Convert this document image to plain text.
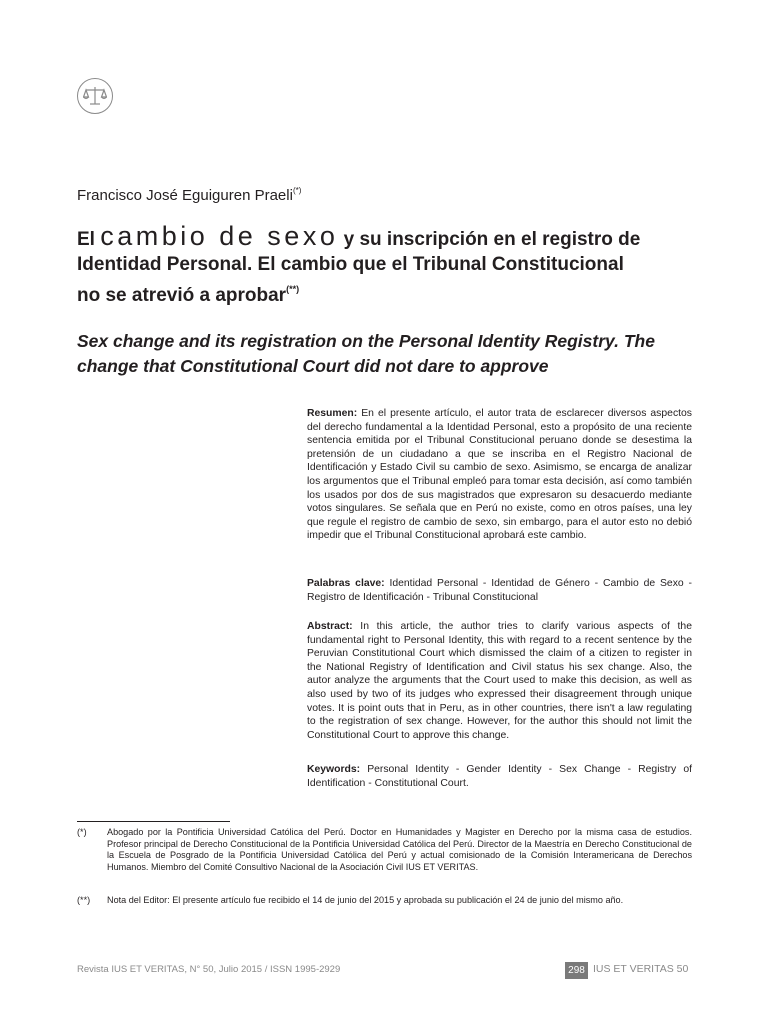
Francisco José Eguiguren Praeli(*)
El cambio de sexo y su inscripción en el registro de
Identidad Personal. El cambio que el Tribunal Constitucional
no se atrevió a aprobar(**)
Sex change and its registration on the Personal Identity Registry. The change that Constitutional Court did not dare to approve
Resumen: En el presente artículo, el autor trata de esclarecer diversos aspectos del derecho fundamental a la Identidad Personal, esto a propósito de una reciente sentencia emitida por el Tribunal Constitucional peruano donde se desestima la pretensión de un ciudadano a que se inscriba en el Registro Nacional de Identificación y Estado Civil su cambio de sexo. Asimismo, se encarga de analizar los argumentos que el Tribunal empleó para tomar esta decisión, así como también los usados por dos de sus magistrados que expresaron su desacuerdo mediante votos singulares. Se señala que en Perú no existe, como en otros países, una ley que regule el registro de cambio de sexo, sin embargo, para el autor esto no debió impedir que el Tribunal Constitucional aprobará este cambio.
Palabras clave: Identidad Personal - Identidad de Género - Cambio de Sexo - Registro de Identificación - Tribunal Constitucional
Abstract: In this article, the author tries to clarify various aspects of the fundamental right to Personal Identity, this with regard to a recent sentence by the Peruvian Constitutional Court which dismissed the claim of a citizen to register in the National Registry of Identification and Civil status his sex change. Also, the autor analyze the arguments that the Court used to make this decision, as well as also used by two of its judges who expressed their disagreement through unique votes. It is point outs that in Peru, as in other countries, there isn't a law regulating to the registration of sex change. However, for the author this should not limit the Constitutional Court to approve this change.
Keywords: Personal Identity - Gender Identity - Sex Change - Registry of Identification - Constitutional Court.
(*) Abogado por la Pontificia Universidad Católica del Perú. Doctor en Humanidades y Magister en Derecho por la misma casa de estudios. Profesor principal de Derecho Constitucional de la Pontificia Universidad Católica del Perú. Director de la Maestría en Derecho Constitucional de la Escuela de Posgrado de la Pontificia Universidad Católica del Perú y actual comisionado de la Comisión Interamericana de Derechos Humanos. Miembro del Comité Consultivo Nacional de la Asociación Civil IUS ET VERITAS.
(**) Nota del Editor: El presente artículo fue recibido el 14 de junio del 2015 y aprobada su publicación el 24 de junio del mismo año.
Revista IUS ET VERITAS, N° 50, Julio 2015 / ISSN 1995-2929	298 IUS ET VERITAS 50
